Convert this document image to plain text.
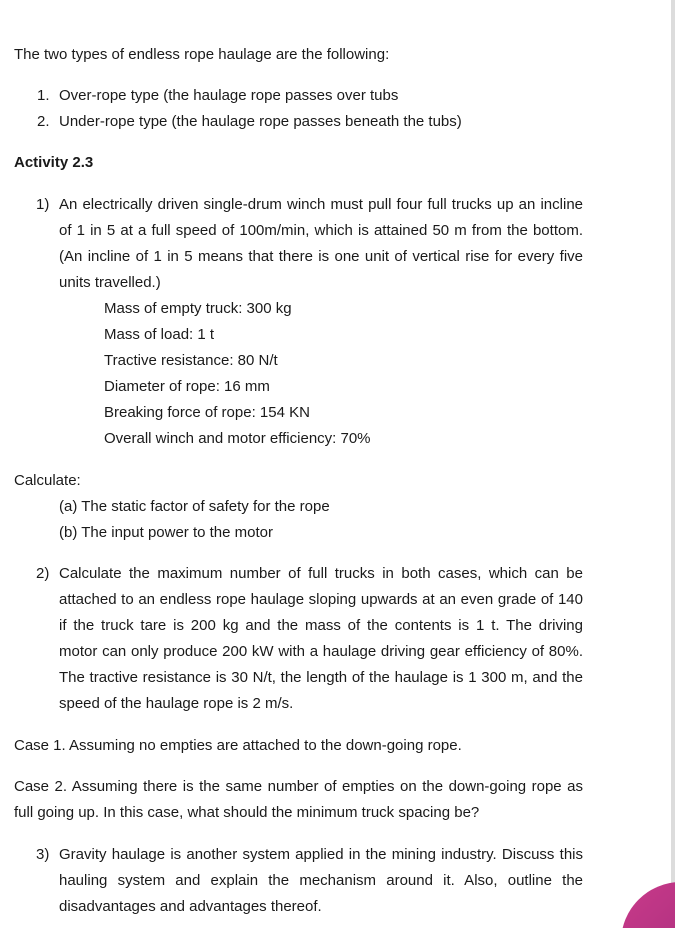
The two types of endless rope haulage are the following:
1. Over-rope type (the haulage rope passes over tubs
2. Under-rope type (the haulage rope passes beneath the tubs)
Activity 2.3
1) An electrically driven single-drum winch must pull four full trucks up an incline
of 1 in 5 at a full speed of 100m/min, which is attained 50 m from the bottom.
(An incline of 1 in 5 means that there is one unit of vertical rise for every five
units travelled.)
Mass of empty truck: 300 kg
Mass of load: 1 t
Tractive resistance: 80 N/t
Diameter of rope: 16 mm
Breaking force of rope: 154 KN
Overall winch and motor efficiency: 70%
Calculate:
(a) The static factor of safety for the rope
(b) The input power to the motor
2) Calculate the maximum number of full trucks in both cases, which can be
attached to an endless rope haulage sloping upwards at an even grade of 140
if the truck tare is 200 kg and the mass of the contents is 1 t. The driving
motor can only produce 200 kW with a haulage driving gear efficiency of 80%.
The tractive resistance is 30 N/t, the length of the haulage is 1 300 m, and the
speed of the haulage rope is 2 m/s.
Case 1. Assuming no empties are attached to the down-going rope.
Case 2. Assuming there is the same number of empties on the down-going rope as
full going up. In this case, what should the minimum truck spacing be?
3) Gravity haulage is another system applied in the mining industry. Discuss this
hauling system and explain the mechanism around it. Also, outline the
disadvantages and advantages thereof.
